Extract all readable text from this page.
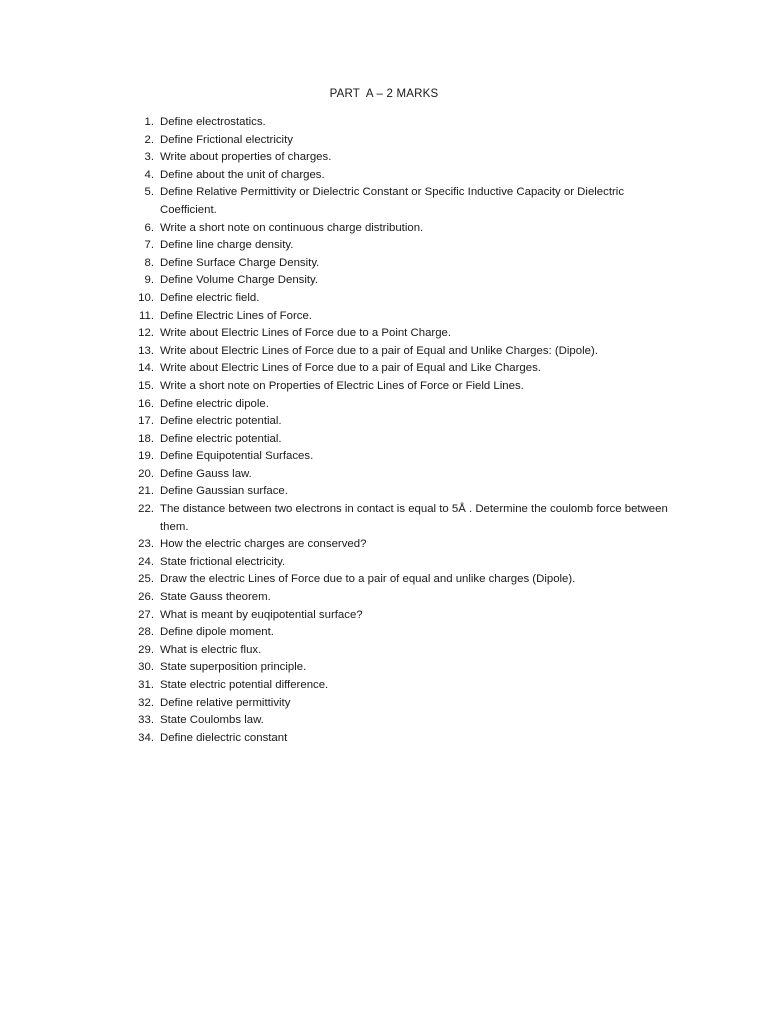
PART  A – 2 MARKS
1. Define electrostatics.
2. Define Frictional electricity
3. Write about properties of charges.
4. Define about the unit of charges.
5. Define Relative Permittivity or Dielectric Constant or Specific Inductive Capacity or Dielectric Coefficient.
6. Write a short note on continuous charge distribution.
7. Define line charge density.
8. Define Surface Charge Density.
9. Define Volume Charge Density.
10. Define electric field.
11. Define Electric Lines of Force.
12. Write about Electric Lines of Force due to a Point Charge.
13. Write about Electric Lines of Force due to a pair of Equal and Unlike Charges: (Dipole).
14. Write about Electric Lines of Force due to a pair of Equal and Like Charges.
15. Write a short note on Properties of Electric Lines of Force or Field Lines.
16. Define electric dipole.
17. Define electric potential.
18. Define electric potential.
19. Define Equipotential Surfaces.
20. Define Gauss law.
21. Define Gaussian surface.
22. The distance between two electrons in contact is equal to 5Å . Determine the coulomb force between them.
23. How the electric charges are conserved?
24. State frictional electricity.
25. Draw the electric Lines of Force due to a pair of equal and unlike charges (Dipole).
26. State Gauss theorem.
27. What is meant by euqipotential surface?
28. Define dipole moment.
29. What is electric flux.
30. State superposition principle.
31. State electric potential difference.
32. Define relative permittivity
33. State Coulombs law.
34. Define dielectric constant
